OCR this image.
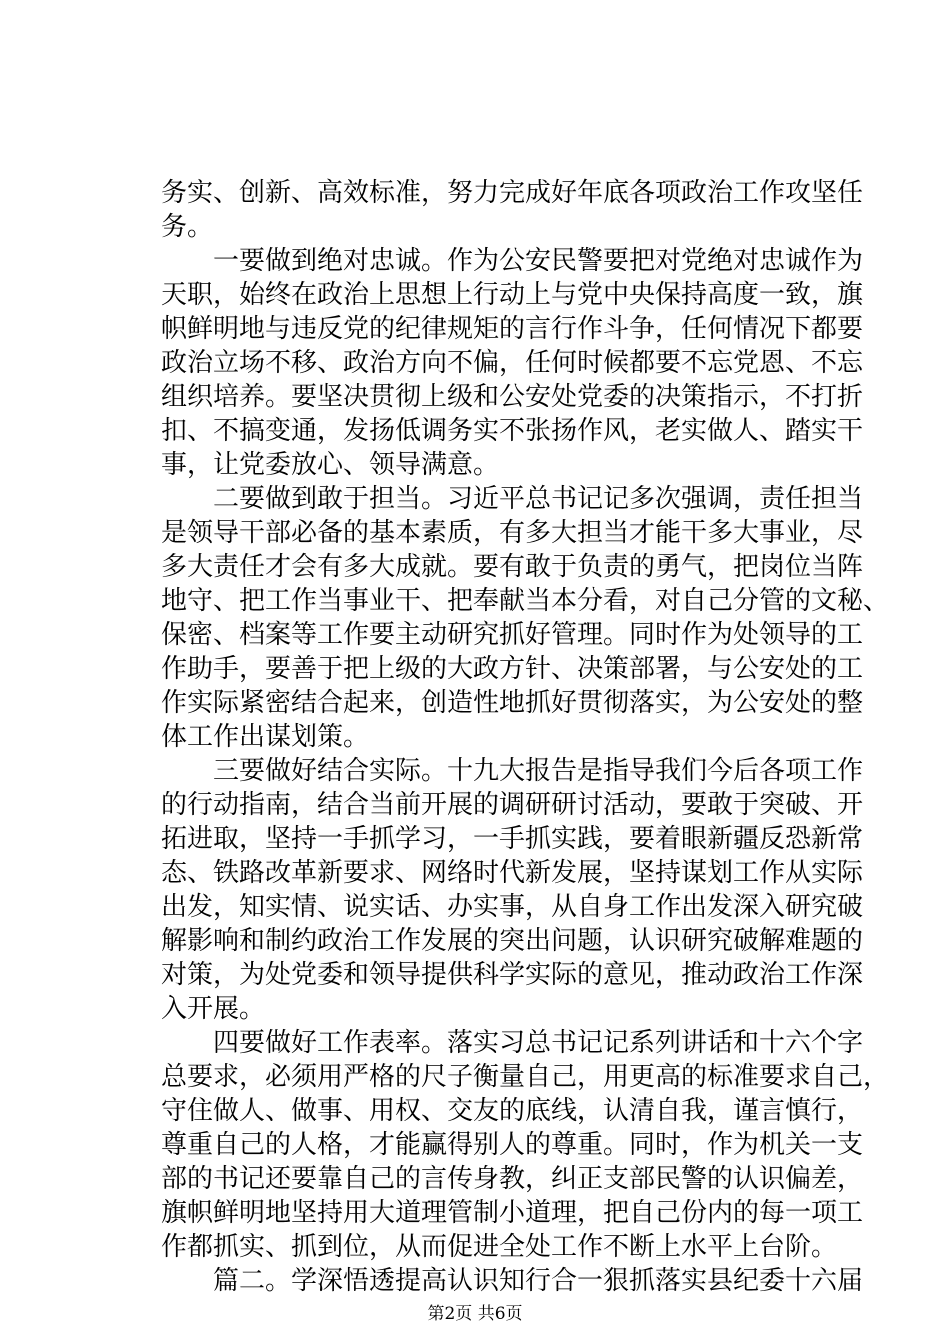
务实、创新、高效标准，努力完成好年底各项政治工作攻坚任
务。
一要做到绝对忠诚。作为公安民警要把对党绝对忠诚作为
天职，始终在政治上思想上行动上与党中央保持高度一致，旗
帜鲜明地与违反党的纪律规矩的言行作斗争，任何情况下都要
政治立场不移、政治方向不偏，任何时候都要不忘党恩、不忘
组织培养。要坚决贯彻上级和公安处党委的决策指示，不打折
扣、不搞变通，发扬低调务实不张扬作风，老实做人、踏实干
事，让党委放心、领导满意。
二要做到敢于担当。习近平总书记记多次强调，责任担当
是领导干部必备的基本素质，有多大担当才能干多大事业，尽
多大责任才会有多大成就。要有敢于负责的勇气，把岗位当阵
地守、把工作当事业干、把奉献当本分看，对自己分管的文秘、
保密、档案等工作要主动研究抓好管理。同时作为处领导的工
作助手，要善于把上级的大政方针、决策部署，与公安处的工
作实际紧密结合起来，创造性地抓好贯彻落实，为公安处的整
体工作出谋划策。
三要做好结合实际。十九大报告是指导我们今后各项工作
的行动指南，结合当前开展的调研研讨活动，要敢于突破、开
拓进取，坚持一手抓学习，一手抓实践，要着眼新疆反恐新常
态、铁路改革新要求、网络时代新发展，坚持谋划工作从实际
出发，知实情、说实话、办实事，从自身工作出发深入研究破
解影响和制约政治工作发展的突出问题，认识研究破解难题的
对策，为处党委和领导提供科学实际的意见，推动政治工作深
入开展。
四要做好工作表率。落实习总书记记系列讲话和十六个字
总要求，必须用严格的尺子衡量自己，用更高的标准要求自己，
守住做人、做事、用权、交友的底线，认清自我，谨言慎行，
尊重自己的人格，才能赢得别人的尊重。同时，作为机关一支
部的书记还要靠自己的言传身教，纠正支部民警的认识偏差，
旗帜鲜明地坚持用大道理管制小道理，把自己份内的每一项工
作都抓实、抓到位，从而促进全处工作不断上水平上台阶。
篇二。学深悟透提高认识知行合一狠抓落实县纪委十六届
第2页 共6页
